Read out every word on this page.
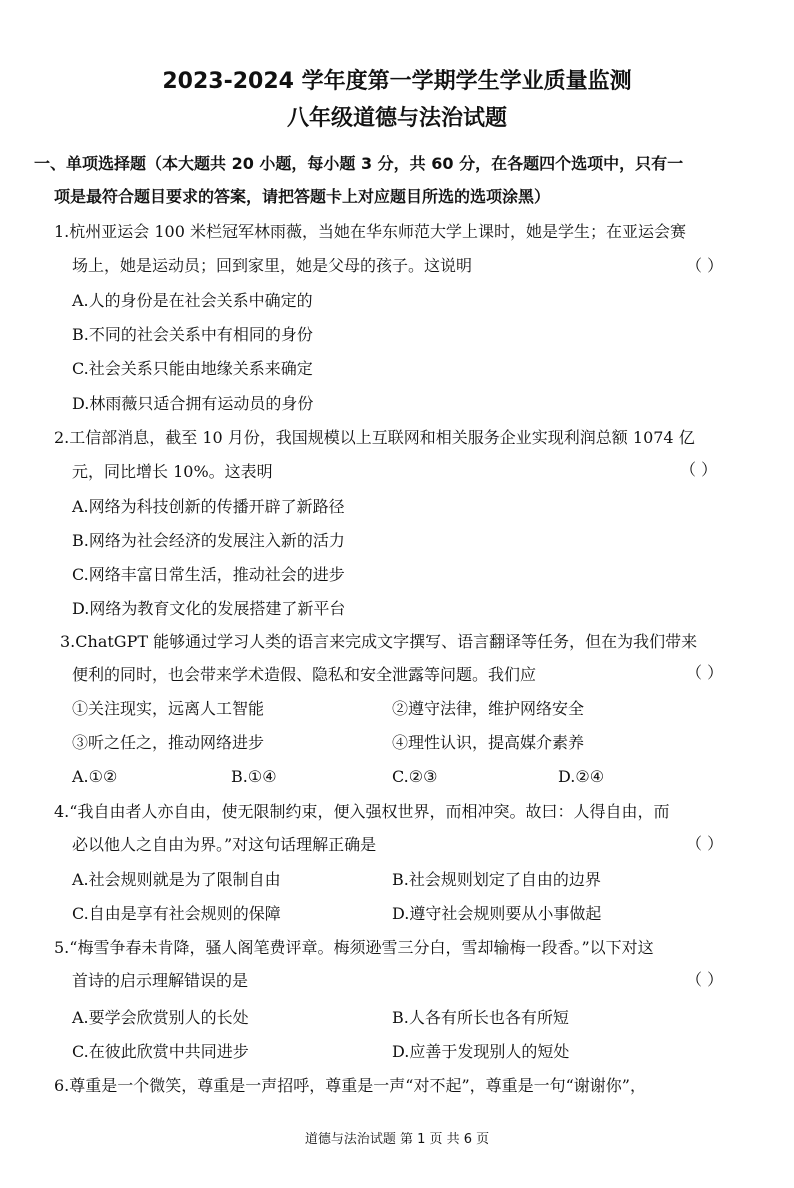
2023-2024 学年度第一学期学生学业质量监测
八年级道德与法治试题
一、单项选择题（本大题共 20 小题，每小题 3 分，共 60 分，在各题四个选项中，只有一
项是最符合题目要求的答案，请把答题卡上对应题目所选的选项涂黑）
1.杭州亚运会 100 米栏冠军林雨薇，当她在华东师范大学上课时，她是学生；在亚运会赛
场上，她是运动员；回到家里，她是父母的孩子。这说明	（ ）
A.人的身份是在社会关系中确定的
B.不同的社会关系中有相同的身份
C.社会关系只能由地缘关系来确定
D.林雨薇只适合拥有运动员的身份
2.工信部消息，截至 10 月份，我国规模以上互联网和相关服务企业实现利润总额 1074 亿
元，同比增长 10%。这表明	（ ）
A.网络为科技创新的传播开辟了新路径
B.网络为社会经济的发展注入新的活力
C.网络丰富日常生活，推动社会的进步
D.网络为教育文化的发展搭建了新平台
3.ChatGPT 能够通过学习人类的语言来完成文字撰写、语言翻译等任务，但在为我们带来
便利的同时，也会带来学术造假、隐私和安全泄露等问题。我们应	（ ）
①关注现实，远离人工智能	②遵守法律，维护网络安全
③听之任之，推动网络进步	④理性认识，提高媒介素养
A.①②	B.①④	C.②③	D.②④
4.“我自由者人亦自由，使无限制约束，便入强权世界，而相冲突。故曰：人得自由，而
必以他人之自由为界。”对这句话理解正确是	（ ）
A.社会规则就是为了限制自由	B.社会规则划定了自由的边界
C.自由是享有社会规则的保障	D.遵守社会规则要从小事做起
5.“梅雪争春未肯降，骚人阁笔费评章。梅须逊雪三分白，雪却输梅一段香。”以下对这
首诗的启示理解错误的是	（ ）
A.要学会欣赏别人的长处	B.人各有所长也各有所短
C.在彼此欣赏中共同进步	D.应善于发现别人的短处
6.尊重是一个微笑，尊重是一声招呼，尊重是一声“对不起”，尊重是一句“谢谢你”，
道德与法治试题 第 1 页 共 6 页
